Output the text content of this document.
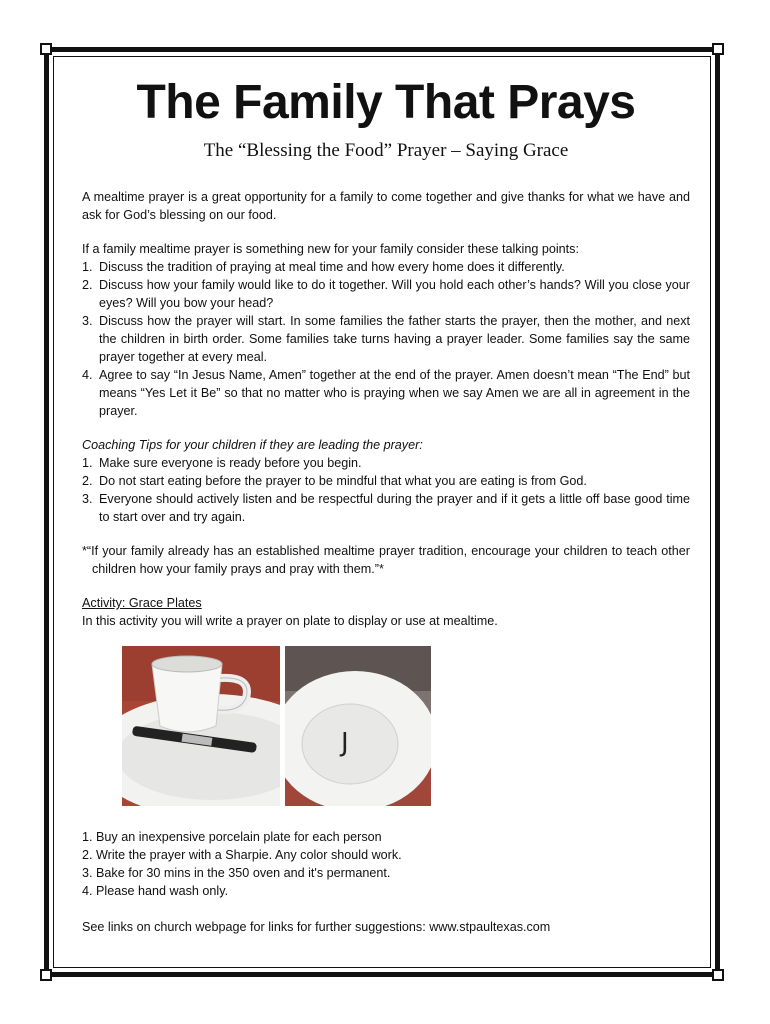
The Family That Prays
The “Blessing the Food” Prayer – Saying Grace

A mealtime prayer is a great opportunity for a family to come together and give thanks for what we have and ask for God’s blessing on our food.

If a family mealtime prayer is something new for your family consider these talking points:

1. Discuss the tradition of praying at meal time and how every home does it differently.
2. Discuss how your family would like to do it together. Will you hold each other’s hands? Will you close your eyes? Will you bow your head?
3. Discuss how the prayer will start. In some families the father starts the prayer, then the mother, and next the children in birth order. Some families take turns having a prayer leader. Some families say the same prayer together at every meal.
4. Agree to say “In Jesus Name, Amen” together at the end of the prayer. Amen doesn’t mean “The End” but means “Yes Let it Be” so that no matter who is praying when we say Amen we are all in agreement in the prayer.

Coaching Tips for your children if they are leading the prayer:

1. Make sure everyone is ready before you begin.
2. Do not start eating before the prayer to be mindful that what you are eating is from God.
3. Everyone should actively listen and be respectful during the prayer and if it gets a little off base good time to start over and try again.

*“If your family already has an established mealtime prayer tradition, encourage your children to teach other children how your family prays and pray with them.”*

Activity: Grace Plates

In this activity you will write a prayer on plate to display or use at mealtime.

J
1. Buy an inexpensive porcelain plate for each person
2. Write the prayer with a Sharpie. Any color should work.
3. Bake for 30 mins in the 350 oven and it's permanent.
4. Please hand wash only.

See links on church webpage for links for further suggestions: www.stpaultexas.com
